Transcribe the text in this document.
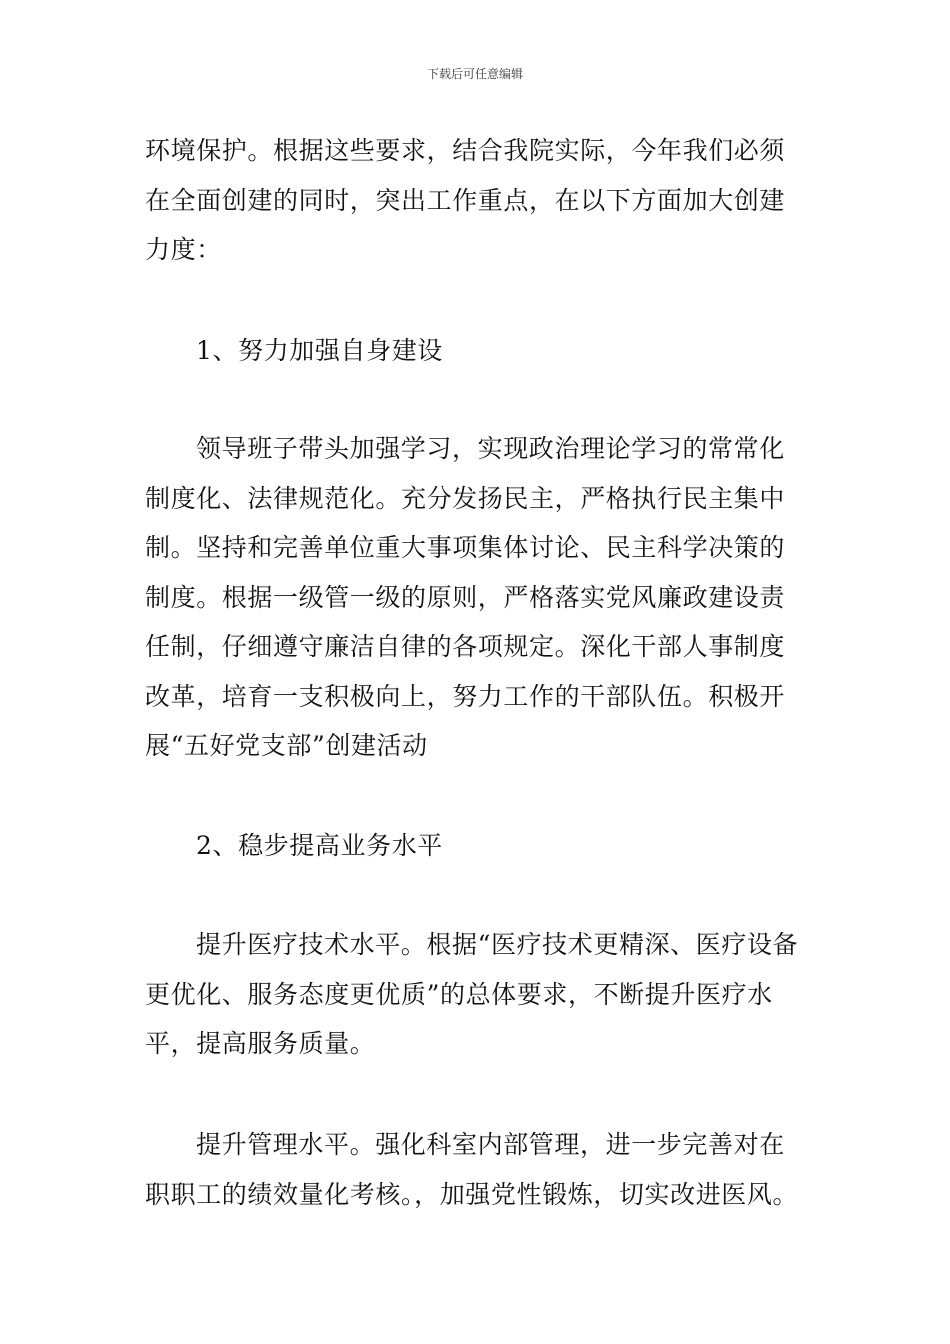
下载后可任意编辑

环境保护。根据这些要求，结合我院实际，今年我们必须在全面创建的同时，突出工作重点，在以下方面加大创建力度：

1、努力加强自身建设

领导班子带头加强学习，实现政治理论学习的常常化制度化、法律规范化。充分发扬民主，严格执行民主集中制。坚持和完善单位重大事项集体讨论、民主科学决策的制度。根据一级管一级的原则，严格落实党风廉政建设责任制，仔细遵守廉洁自律的各项规定。深化干部人事制度改革，培育一支积极向上，努力工作的干部队伍。积极开展“五好党支部”创建活动

2、稳步提高业务水平

提升医疗技术水平。根据“医疗技术更精深、医疗设备更优化、服务态度更优质”的总体要求，不断提升医疗水平，提高服务质量。

提升管理水平。强化科室内部管理，进一步完善对在职职工的绩效量化考核。，加强党性锻炼，切实改进医风。
